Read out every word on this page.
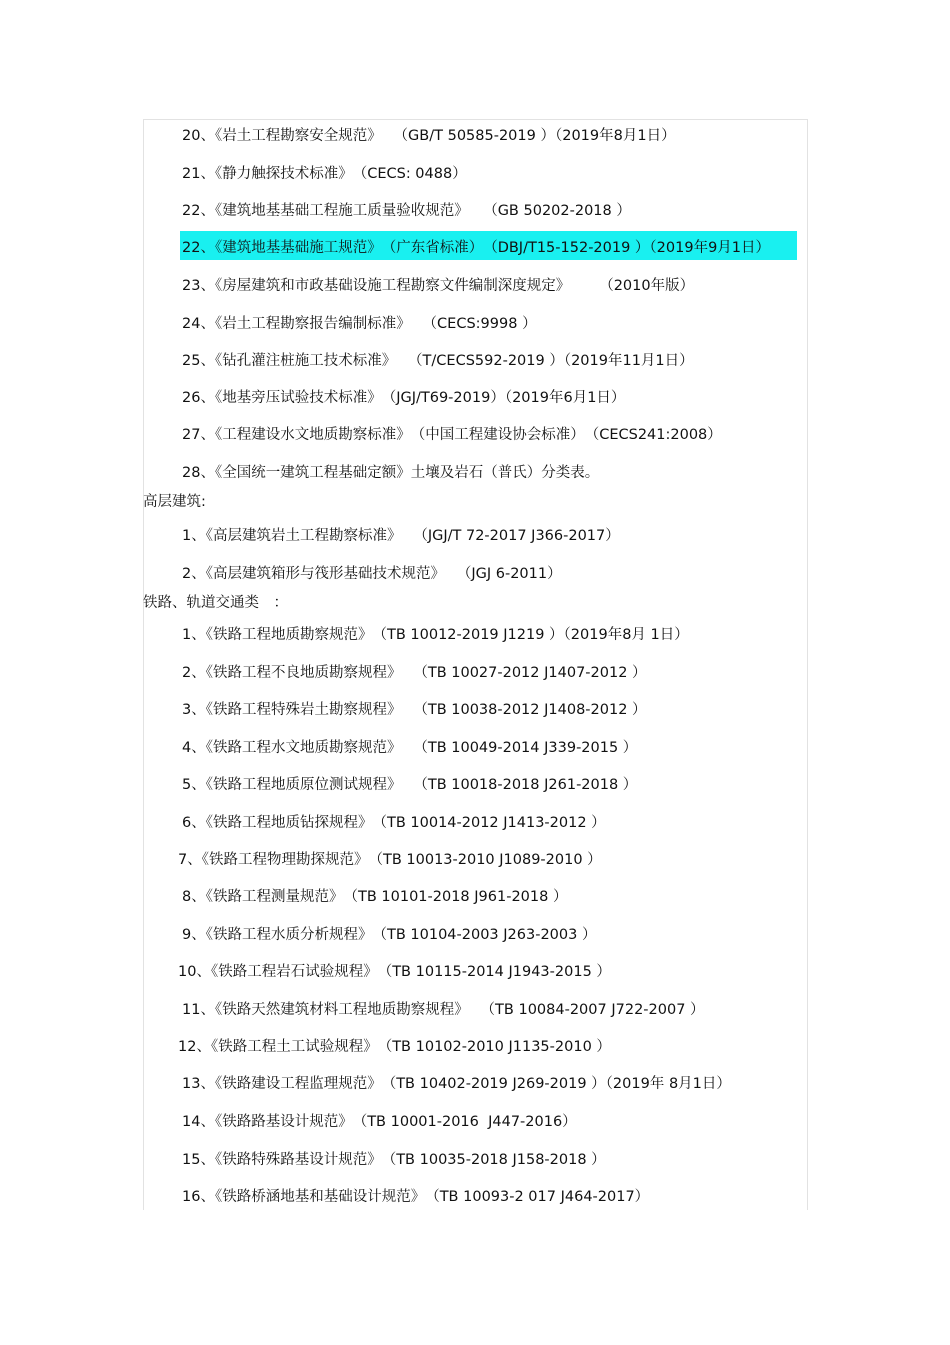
20、《岩土工程勘察安全规范》　 （GB/T 50585-2019 ）（2019年8月1日）
21、《静力触探技术标准》　（CECS: 0488）
22、《建筑地基基础工程施工质量验收规范》　　（GB 50202-2018 ）
22、《建筑地基基础施工规范》　（广东省标准）　（DBJ/T15-152-2019 ）（2019年9月1日）
23、《房屋建筑和市政基础设施工程勘察文件编制深度规定》　　　（2010年版）
24、《岩土工程勘察报告编制标准》　 （CECS:9998 ）
25、《钻孔灌注桩施工技术标准》　 （T/CECS592-2019 ）（2019年11月1日）
26、《地基旁压试验技术标准》　（JGJ/T69-2019）（2019年6月1日）
27、《工程建设水文地质勘察标准》　（中国工程建设协会标准）　（CECS241:2008）
28、《全国统一建筑工程基础定额》土壤及岩石（普氏）分类表。
高层建筑:
1、《高层建筑岩土工程勘察标准》　 （JGJ/T 72-2017 J366-2017）
2、《高层建筑箱形与筏形基础技术规范》　 （JGJ 6-2011）
铁路、轨道交通类　：
1、《铁路工程地质勘察规范》　（TB 10012-2019 J1219 ）（2019年8月 1日）
2、《铁路工程不良地质勘察规程》　 （TB 10027-2012 J1407-2012 ）
3、《铁路工程特殊岩土勘察规程》　 （TB 10038-2012 J1408-2012 ）
4、《铁路工程水文地质勘察规范》　 （TB 10049-2014 J339-2015 ）
5、《铁路工程地质原位测试规程》　 （TB 10018-2018 J261-2018 ）
6、《铁路工程地质钻探规程》　（TB 10014-2012 J1413-2012 ）
7、《铁路工程物理勘探规范》　（TB 10013-2010 J1089-2010 ）
8、《铁路工程测量规范》　（TB 10101-2018 J961-2018 ）
9、《铁路工程水质分析规程》　（TB 10104-2003 J263-2003 ）
10、《铁路工程岩石试验规程》　（TB 10115-2014 J1943-2015 ）
11、《铁路天然建筑材料工程地质勘察规程》　 （TB 10084-2007 J722-2007 ）
12、《铁路工程土工试验规程》　（TB 10102-2010 J1135-2010 ）
13、《铁路建设工程监理规范》　（TB 10402-2019 J269-2019 ）（2019年 8月1日）
14、《铁路路基设计规范》　（TB 10001-2016  J447-2016）
15、《铁路特殊路基设计规范》　（TB 10035-2018 J158-2018 ）
16、《铁路桥涵地基和基础设计规范》　（TB 10093-2 017 J464-2017）
